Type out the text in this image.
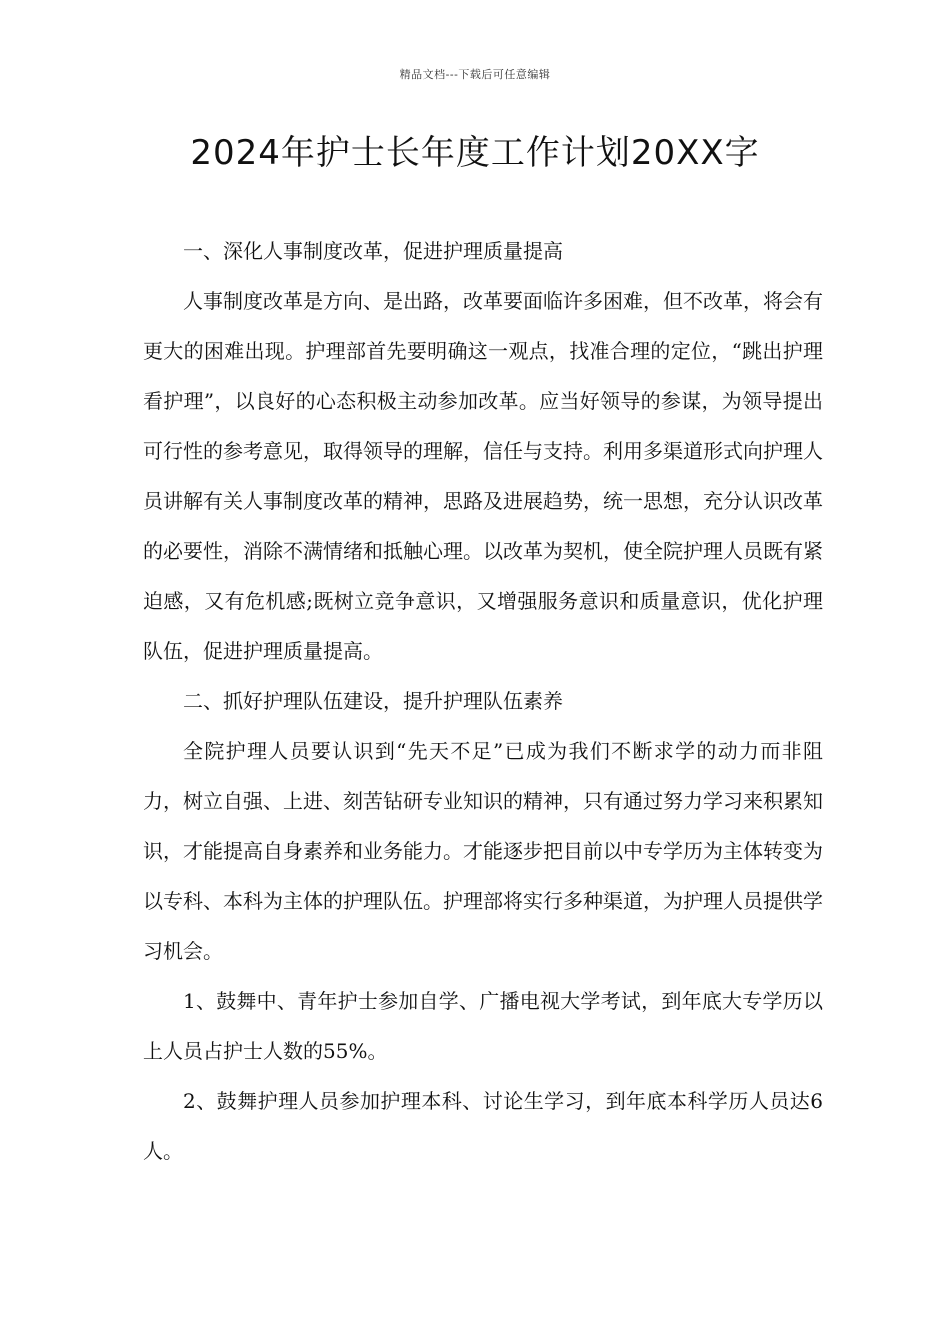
精品文档---下载后可任意编辑
2024年护士长年度工作计划20XX字

一、深化人事制度改革，促进护理质量提高

人事制度改革是方向、是出路，改革要面临许多困难，但不改革，将会有更大的困难出现。护理部首先要明确这一观点，找准合理的定位，“跳出护理看护理”，以良好的心态积极主动参加改革。应当好领导的参谋，为领导提出可行性的参考意见，取得领导的理解，信任与支持。利用多渠道形式向护理人员讲解有关人事制度改革的精神，思路及进展趋势，统一思想，充分认识改革的必要性，消除不满情绪和抵触心理。以改革为契机，使全院护理人员既有紧迫感，又有危机感;既树立竞争意识，又增强服务意识和质量意识，优化护理队伍，促进护理质量提高。

二、抓好护理队伍建设，提升护理队伍素养

全院护理人员要认识到“先天不足”已成为我们不断求学的动力而非阻力，树立自强、上进、刻苦钻研专业知识的精神，只有通过努力学习来积累知识，才能提高自身素养和业务能力。才能逐步把目前以中专学历为主体转变为以专科、本科为主体的护理队伍。护理部将实行多种渠道，为护理人员提供学习机会。

1、鼓舞中、青年护士参加自学、广播电视大学考试，到年底大专学历以上人员占护士人数的55%。

2、鼓舞护理人员参加护理本科、讨论生学习，到年底本科学历人员达6人。
